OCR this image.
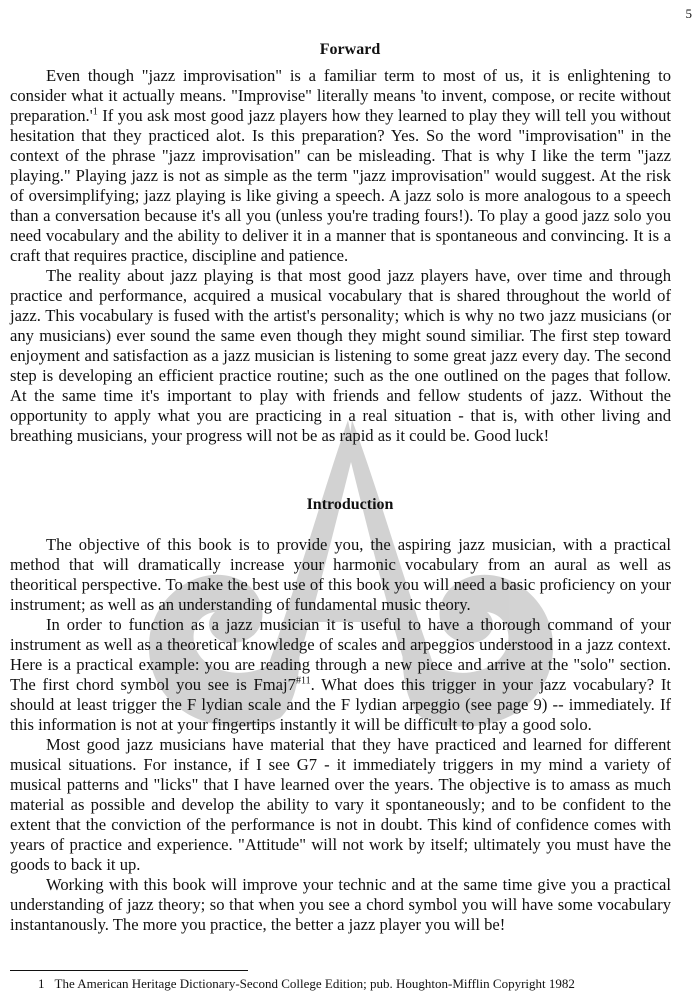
5
Forward

Even though "jazz improvisation" is a familiar term to most of us, it is enlightening to consider what it actually means. "Improvise" literally means 'to invent, compose, or recite without $preparation.'^1$ If you ask most good jazz players how they learned to play they will tell you without hesitation that they practiced alot. Is this preparation? Yes. So the word "improvisation" in the context of the phrase "jazz improvisation" can be misleading. That is why I like the term "jazz playing." Playing jazz is not as simple as the term "jazz improvisation" would suggest. At the risk of oversimplifying; jazz playing is like giving a speech. A jazz solo is more analogous to a speech than a conversation because it's all you (unless you're trading fours!). To play a good jazz solo you need vocabulary and the ability to deliver it in a manner that is spontaneous and convincing. It is a craft that requires practice, discipline and patience.

The reality about jazz playing is that most good jazz players have, over time and through practice and performance, acquired a musical vocabulary that is shared throughout the world of jazz. This vocabulary is fused with the artist's personality; which is why no two jazz musicians (or any musicians) ever sound the same even though they might sound similiar. The first step toward enjoyment and satisfaction as a jazz musician is listening to some great jazz every day. The second step is developing an efficient practice routine; such as the one outlined on the pages that follow. At the same time it's important to play with friends and fellow students of jazz. Without the opportunity to apply what you are practicing in a real situation - that is, with other living and breathing musicians, your progress will not be as rapid as it could be. Good luck!

Introduction

The objective of this book is to provide you, the aspiring jazz musician, with a practical method that will dramatically increase your harmonic vocabulary from an aural as well as theoritical perspective. To make the best use of this book you will need a basic proficiency on your instrument; as well as an understanding of fundamental music theory.

In order to function as a jazz musician it is useful to have a thorough command of your instrument as well as a theoretical knowledge of scales and arpeggios understood in a jazz context. Here is a practical example: you are reading through a new piece and arrive at the "solo" section. The first chord symbol you see is Fmaj7$^{\#11}$. What does this trigger in your jazz vocabulary? It should at least trigger the F lydian scale and the F lydian arpeggio (see page 9) -- immediately. If this information is not at your fingertips instantly it will be difficult to play a good solo.

Most good jazz musicians have material that they have practiced and learned for different musical situations. For instance, if I see G7 - it immediately triggers in my mind a variety of musical patterns and "licks" that I have learned over the years. The objective is to amass as much material as possible and develop the ability to vary it spontaneously; and to be confident to the extent that the conviction of the performance is not in doubt. This kind of confidence comes with years of practice and experience. "Attitude" will not work by itself; ultimately you must have the goods to back it up.

Working with this book will improve your technic and at the same time give you a practical understanding of jazz theory; so that when you see a chord symbol you will have some vocabulary instantanously. The more you practice, the better a jazz player you will be!

1 The American Heritage Dictionary-Second College Edition; pub. Houghton-Mifflin Copyright 1982
